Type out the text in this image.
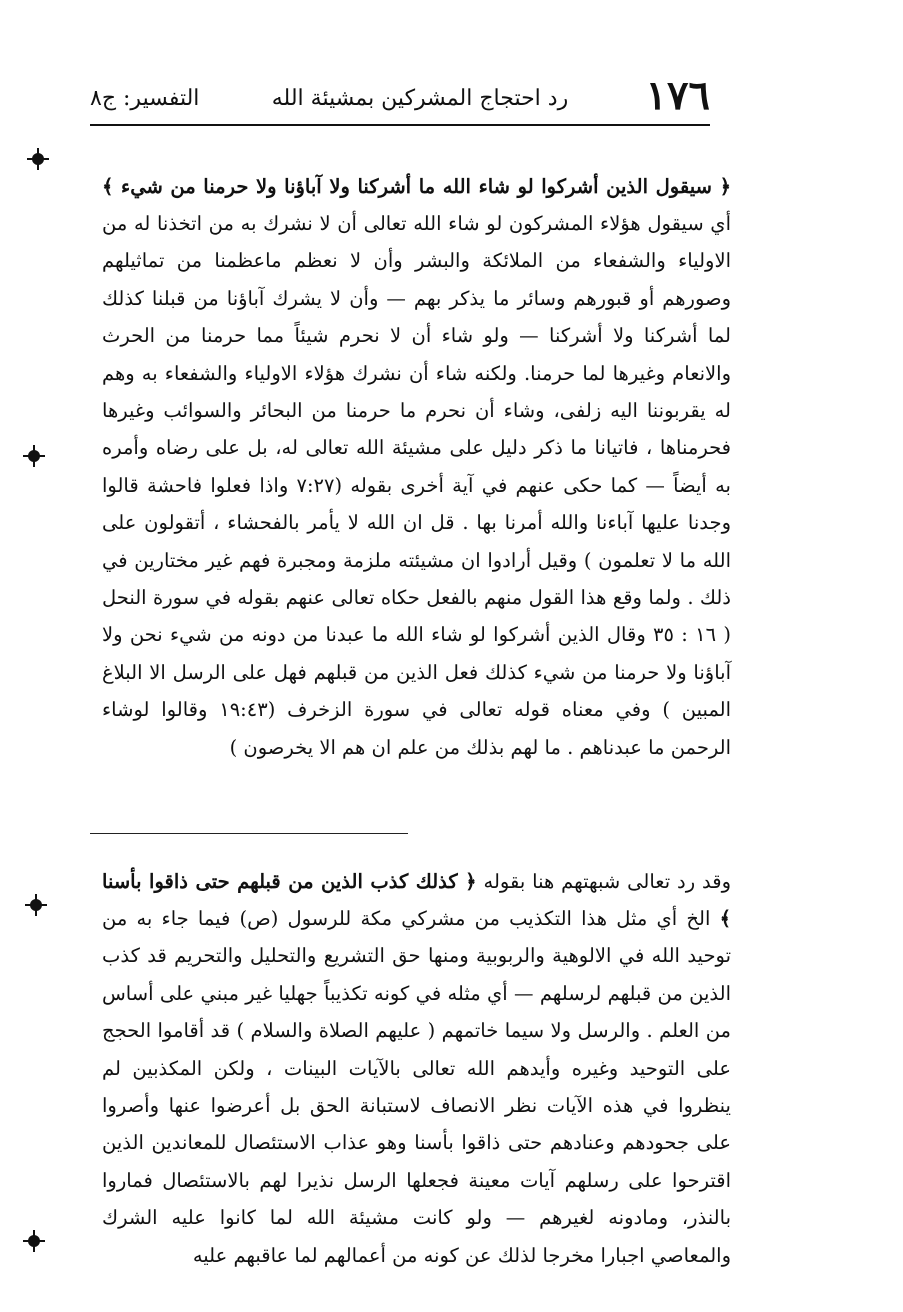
١٧٦
رد احتجاج المشركين بمشيئة الله
التفسير: ج٨

﴿ سيقول الذين أشركوا لو شاء الله ما أشركنا ولا آباؤنا ولا حرمنا من شيء ﴾ أي سيقول هؤلاء المشركون لو شاء الله تعالى أن لا نشرك به من اتخذنا له من الاولياء والشفعاء من الملائكة والبشر وأن لا نعظم ماعظمنا من تماثيلهم وصورهم أو قبورهم وسائر ما يذكر بهم — وأن لا يشرك آباؤنا من قبلنا كذلك لما أشركنا ولا أشركنا — ولو شاء أن لا نحرم شيئاً مما حرمنا من الحرث والانعام وغيرها لما حرمنا. ولكنه شاء أن نشرك هؤلاء الاولياء والشفعاء به وهم له يقربوننا اليه زلفى، وشاء أن نحرم ما حرمنا من البحائر والسوائب وغيرها فحرمناها ، فاتيانا ما ذكر دليل على مشيئة الله تعالى له، بل على رضاه وأمره به أيضاً — كما حكى عنهم في آية أخرى بقوله (٧:٢٧ واذا فعلوا فاحشة قالوا وجدنا عليها آباءنا والله أمرنا بها . قل ان الله لا يأمر بالفحشاء ، أتقولون على الله ما لا تعلمون ) وقيل أرادوا ان مشيئته ملزمة ومجبرة فهم غير مختارين في ذلك . ولما وقع هذا القول منهم بالفعل حكاه تعالى عنهم بقوله في سورة النحل ( ١٦ : ٣٥ وقال الذين أشركوا لو شاء الله ما عبدنا من دونه من شيء نحن ولا آباؤنا ولا حرمنا من شيء كذلك فعل الذين من قبلهم فهل على الرسل الا البلاغ المبين ) وفي معناه قوله تعالى في سورة الزخرف (١٩:٤٣ وقالوا لوشاء الرحمن ما عبدناهم . ما لهم بذلك من علم ان هم الا يخرصون )

وقد رد تعالى شبهتهم هنا بقوله ﴿ كذلك كذب الذين من قبلهم حتى ذاقوا بأسنا ﴾ الخ أي مثل هذا التكذيب من مشركي مكة للرسول (ص) فيما جاء به من توحيد الله في الالوهية والربوبية ومنها حق التشريع والتحليل والتحريم قد كذب الذين من قبلهم لرسلهم — أي مثله في كونه تكذيباً جهليا غير مبني على أساس من العلم . والرسل ولا سيما خاتمهم ( عليهم الصلاة والسلام ) قد أقاموا الحجج على التوحيد وغيره وأيدهم الله تعالى بالآيات البينات ، ولكن المكذبين لم ينظروا في هذه الآيات نظر الانصاف لاستبانة الحق بل أعرضوا عنها وأصروا على جحودهم وعنادهم حتى ذاقوا بأسنا وهو عذاب الاستئصال للمعاندين الذين اقترحوا على رسلهم آيات معينة فجعلها الرسل نذيرا لهم بالاستئصال فماروا بالنذر، ومادونه لغيرهم — ولو كانت مشيئة الله لما كانوا عليه الشرك والمعاصي اجبارا مخرجا لذلك عن كونه من أعمالهم لما عاقبهم عليه
